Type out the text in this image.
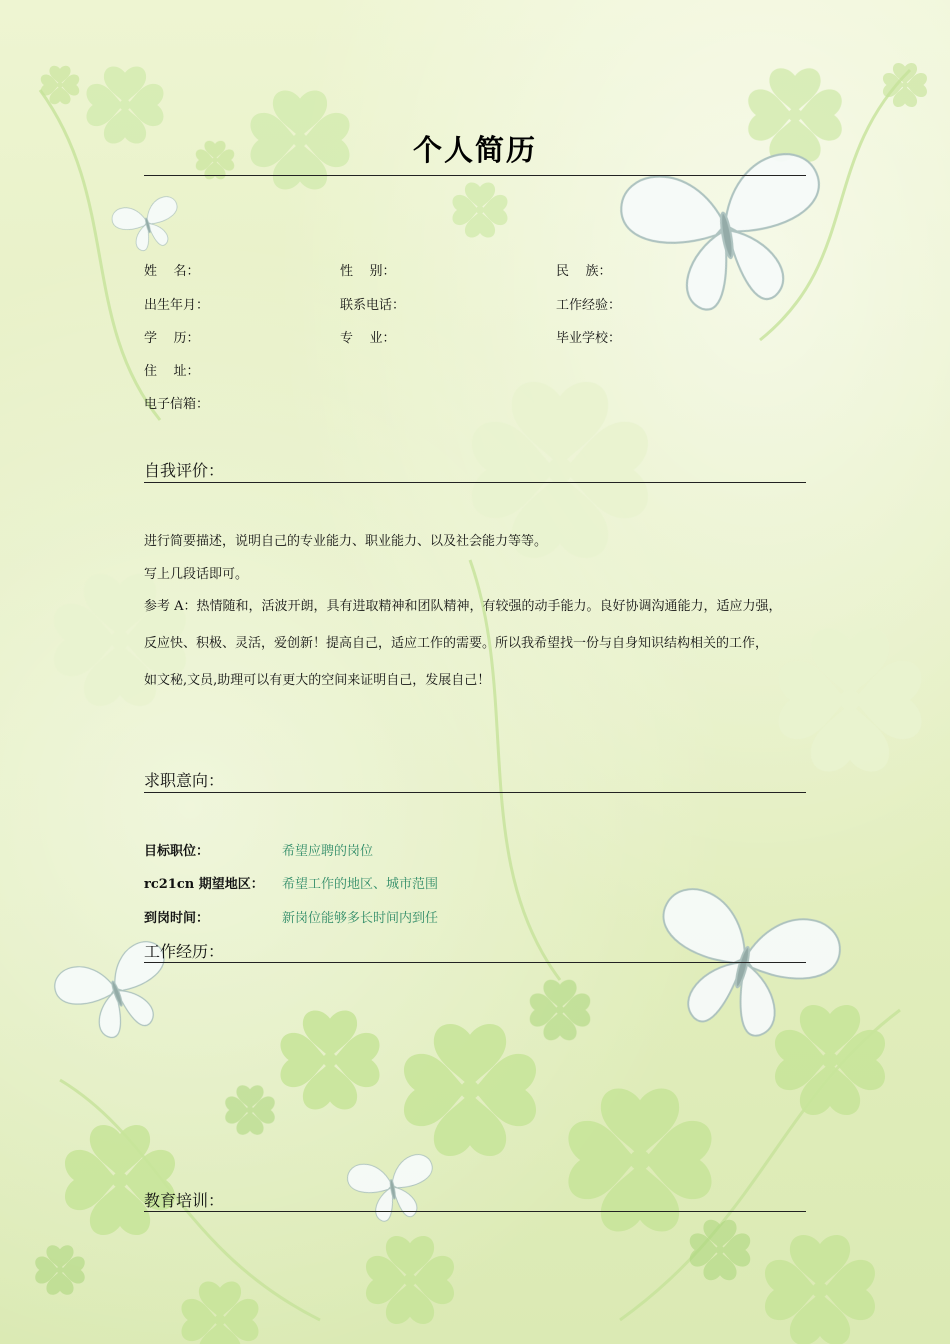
个人简历
姓    名：	性    别：	民    族：
出生年月：	联系电话：	工作经验：
学    历：	专    业：	毕业学校：
住    址：
电子信箱：
自我评价：
进行简要描述，说明自己的专业能力、职业能力、以及社会能力等等。
写上几段话即可。
参考 A：热情随和，活波开朗，具有进取精神和团队精神，有较强的动手能力。良好协调沟通能力，适应力强，
反应快、积极、灵活，爱创新！提高自己，适应工作的需要。所以我希望找一份与自身知识结构相关的工作，
如文秘,文员,助理可以有更大的空间来证明自己，发展自己！
求职意向：
目标职位：	希望应聘的岗位
rc21cn 期望地区： 希望工作的地区、城市范围
到岗时间：	新岗位能够多长时间内到任
工作经历：
教育培训：
